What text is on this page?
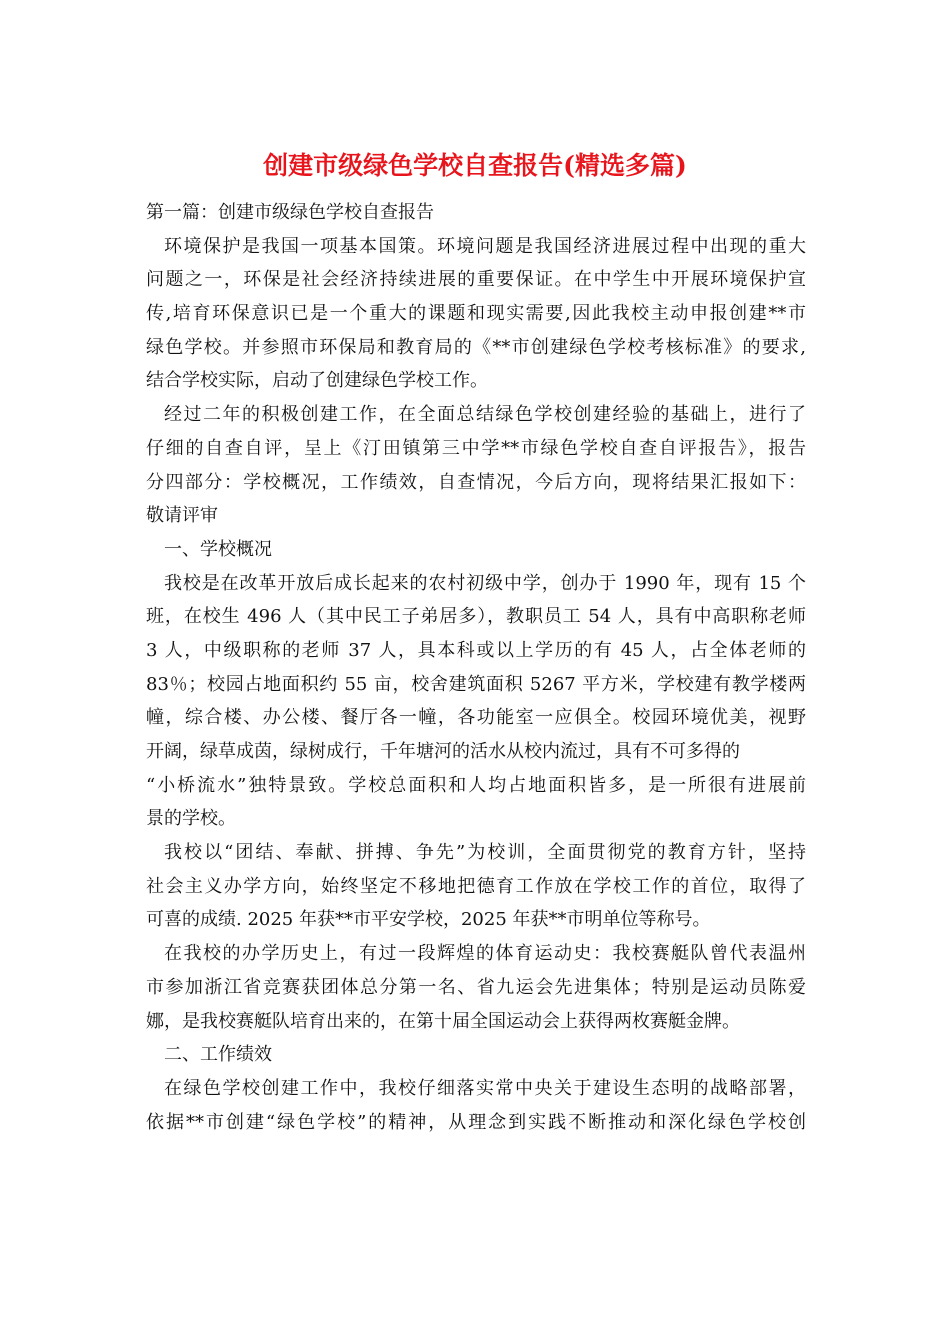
创建市级绿色学校自查报告(精选多篇)
第一篇：创建市级绿色学校自查报告
环境保护是我国一项基本国策。环境问题是我国经济进展过程中出现的重大
问题之一，环保是社会经济持续进展的重要保证。在中学生中开展环境保护宣
传,培育环保意识已是一个重大的课题和现实需要,因此我校主动申报创建**市
绿色学校。并参照市环保局和教育局的《**市创建绿色学校考核标准》的要求,
结合学校实际，启动了创建绿色学校工作。
经过二年的积极创建工作，在全面总结绿色学校创建经验的基础上，进行了
仔细的自查自评，呈上《汀田镇第三中学**市绿色学校自查自评报告》，报告
分四部分：学校概况，工作绩效，自查情况，今后方向，现将结果汇报如下：
敬请评审
一、学校概况
我校是在改革开放后成长起来的农村初级中学，创办于 1990 年，现有 15 个
班，在校生 496 人（其中民工子弟居多），教职员工 54 人，具有中高职称老师
3 人，中级职称的老师 37 人，具本科或以上学历的有 45 人，占全体老师的
83％；校园占地面积约 55 亩，校舍建筑面积 5267 平方米，学校建有教学楼两
幢，综合楼、办公楼、餐厅各一幢，各功能室一应俱全。校园环境优美，视野
开阔，绿草成茵，绿树成行，千年塘河的活水从校内流过，具有不可多得的
“小桥流水”独特景致。学校总面积和人均占地面积皆多，是一所很有进展前
景的学校。
我校以“团结、奉献、拼搏、争先”为校训，全面贯彻党的教育方针，坚持
社会主义办学方向，始终坚定不移地把德育工作放在学校工作的首位，取得了
可喜的成绩. 2025 年获**市平安学校，2025 年获**市明单位等称号。
在我校的办学历史上，有过一段辉煌的体育运动史：我校赛艇队曾代表温州
市参加浙江省竞赛获团体总分第一名、省九运会先进集体；特别是运动员陈爱
娜，是我校赛艇队培育出来的，在第十届全国运动会上获得两枚赛艇金牌。
二、工作绩效
在绿色学校创建工作中，我校仔细落实常中央关于建设生态明的战略部署，
依据**市创建“绿色学校”的精神，从理念到实践不断推动和深化绿色学校创
